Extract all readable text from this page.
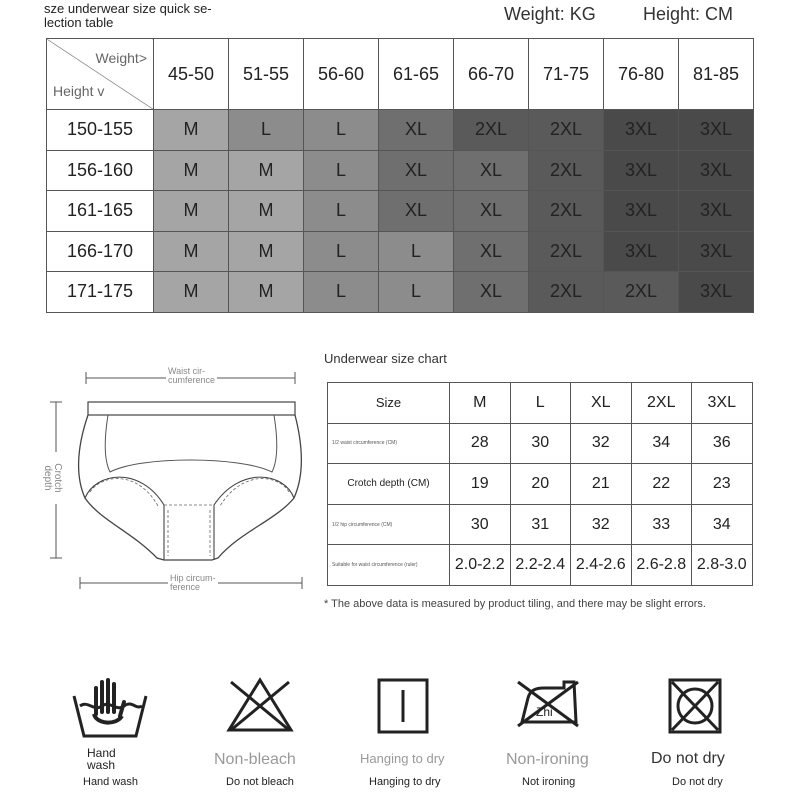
sze underwear size quick se-
lection table	Weight: KG	Height: CM
Weight>
Height v	45-50	51-55	56-60	61-65	66-70	71-75	76-80	81-85
150-155	M	L	L	XL	2XL	2XL	3XL	3XL
156-160	M	M	L	XL	XL	2XL	3XL	3XL
161-165	M	M	L	XL	XL	2XL	3XL	3XL
166-170	M	M	L	L	XL	2XL	3XL	3XL
171-175	M	M	L	L	XL	2XL	2XL	3XL
Waist cir-
cumference
Crotch
depth
Hip circum-
ference
Underwear size chart
Size	M	L	XL	2XL	3XL
1/2 waist circumference (CM)	28	30	32	34	36
Crotch depth (CM)	19	20	21	22	23
1/2 hip circumference (CM)	30	31	32	33	34
Suitable for waist circumference (ruler)	2.0-2.2	2.2-2.4	2.4-2.6	2.6-2.8	2.8-3.0
* The above data is measured by product tiling, and there may be slight errors.
Hand
wash
Hand wash
Non-bleach
Do not bleach
Hanging to dry
Hanging to dry
Zhi
Non-ironing
Not ironing
Do not dry
Do not dry
